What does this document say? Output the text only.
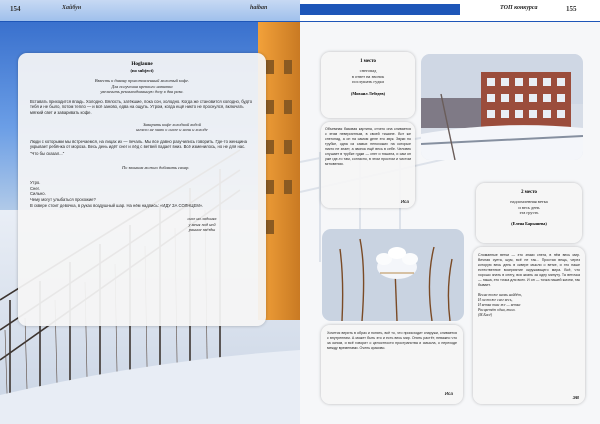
154	Хайбун	haiban
Hoglaune
(no subject)
Взвесть к дивану приготовленный молотый кофе.
Для получения крепкого напитка
увеличить рекомендованную дозу в два раза.

Вставать приходится впадь. Холодно. Вялость, затёкшие, пока сон, холодно. Когда же становится холодно, будто тебя и не было, потом тепло — и всё заново, едва на ощупь. Утром, когда ещё никто не проснулся, включать мягкий свет и заваривать кофе.

Заварить кофе холодной водой
ничего не знаю о снеге и ночи и холоде

Люди с которыми мы встречаемся, на лицах их — печаль. Мы все давно разучились говорить. Где-то женщина укрывает ребёнка от мороза. Весь день идёт снег и лёд с ветвей падает вниз. Всё изменилось, но не для нас.

"Что бы сказал..."

По звонкам можно добавить сахар.
Утро.
Снег.
Сильно.
Чему могут улыбаться прохожие?
В сквере стоит девочка, в руках воздушный шар. На нём надпись: «ИДУ ЗА СОЛНЦЕМ».
снег на ладонях
у меня под ней
ранние звёзды
ТОП конкурса	155
1 место
снегопад
в ответ на звонок
послушать гудки
(Михаил Лебедев)

Объемная базовая картина, отчего она сливается с этим невероятным, в своей тишине. Вот же снегопад, а он на самом деле его звук. Звуки по трубке, одна из самых непохожих на которые никто не знает, а звонок ещё весь в себе. Человек слушает в трубке гудки — снег и тишина, и сам он уже где-то там, согласно, в этом простом и чистом мгновении.

Иса
2 место
надломленная ветка
и весь день
эта грусть
(Елена Барышева)

Хочется верить в образ и понять, всё то, что происходит снаружи, сливается с внутренним. А может быть это и есть весь мир. Опять растёт, неважно что за окном, и всё говорит о целостности пространства и смысла, о переходе между временами. Очень красиво.

Иса

Сломанные ветки — это знаки снега, в нём весь мир. Вечная суета, шум, всё не так... Простая вещь, через которую весь день в сквере мысли о ветке, и это наше естественное восприятие окружающего мира. Всё, что хорошо знать в снегу, вся жизнь за одну минуту. Та веточка — наша, это точка для всех. И он — точка нашей жизни, так бывает.

Весна тоже вновь найдёт,
И он тоже снег весь,
И ветка там же — ветка
Расцветёт одна, тихо.
(М.Басё)
ЭВ
